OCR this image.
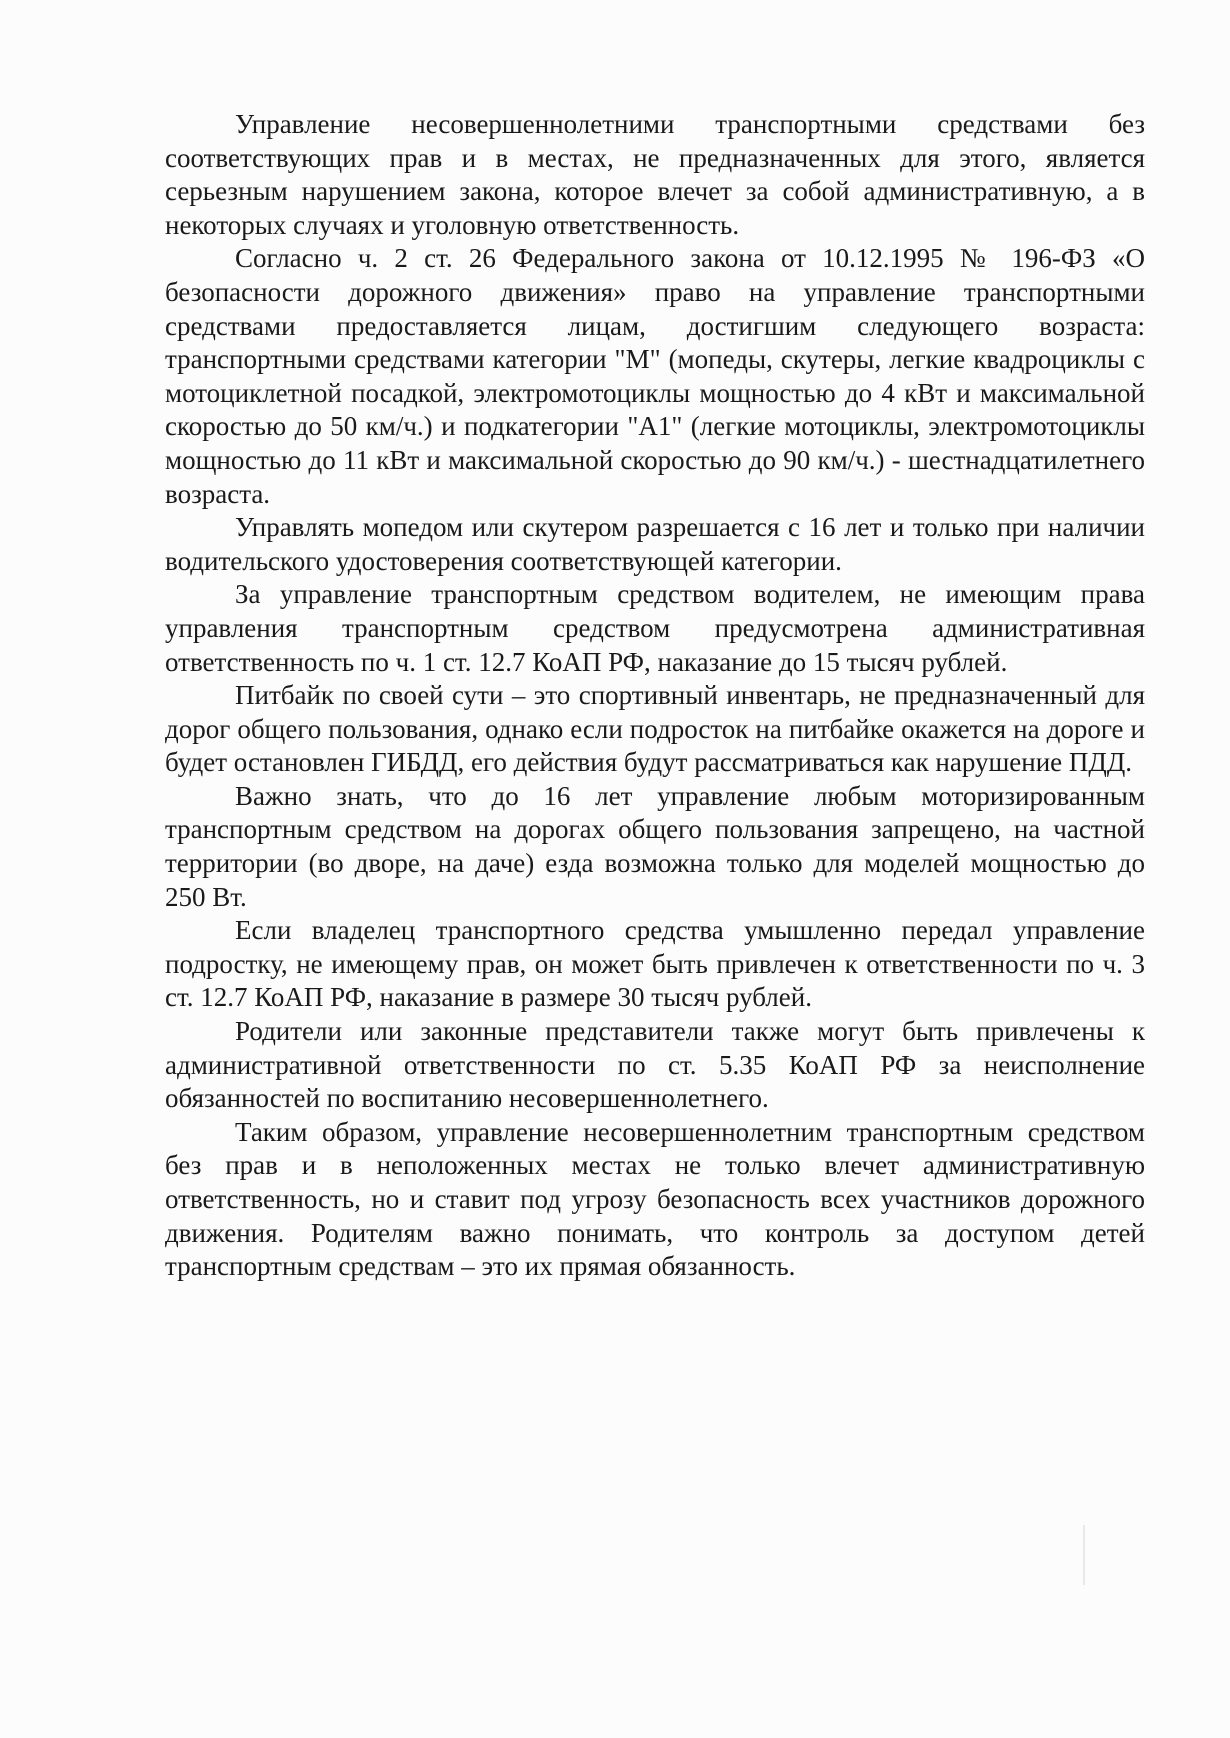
Управление несовершеннолетними транспортными средствами без соответствующих прав и в местах, не предназначенных для этого, является серьезным нарушением закона, которое влечет за собой административную, а в некоторых случаях и уголовную ответственность.

Согласно ч. 2 ст. 26 Федерального закона от 10.12.1995 № 196-ФЗ «О безопасности дорожного движения» право на управление транспортными средствами предоставляется лицам, достигшим следующего возраста: транспортными средствами категории "M" (мопеды, скутеры, легкие квадроциклы с мотоциклетной посадкой, электромотоциклы мощностью до 4 кВт и максимальной скоростью до 50 км/ч.) и подкатегории "A1" (легкие мотоциклы, электромотоциклы мощностью до 11 кВт и максимальной скоростью до 90 км/ч.) - шестнадцатилетнего возраста.

Управлять мопедом или скутером разрешается с 16 лет и только при наличии водительского удостоверения соответствующей категории.

За управление транспортным средством водителем, не имеющим права управления транспортным средством предусмотрена административная ответственность по ч. 1 ст. 12.7 КоАП РФ, наказание до 15 тысяч рублей.

Питбайк по своей сути – это спортивный инвентарь, не предназначенный для дорог общего пользования, однако если подросток на питбайке окажется на дороге и будет остановлен ГИБДД, его действия будут рассматриваться как нарушение ПДД.

Важно знать, что до 16 лет управление любым моторизированным транспортным средством на дорогах общего пользования запрещено, на частной территории (во дворе, на даче) езда возможна только для моделей мощностью до 250 Вт.

Если владелец транспортного средства умышленно передал управление подростку, не имеющему прав, он может быть привлечен к ответственности по ч. 3 ст. 12.7 КоАП РФ, наказание в размере 30 тысяч рублей.

Родители или законные представители также могут быть привлечены к административной ответственности по ст. 5.35 КоАП РФ за неисполнение обязанностей по воспитанию несовершеннолетнего.

Таким образом, управление несовершеннолетним транспортным средством без прав и в неположенных местах не только влечет административную ответственность, но и ставит под угрозу безопасность всех участников дорожного движения. Родителям важно понимать, что контроль за доступом детей транспортным средствам – это их прямая обязанность.
